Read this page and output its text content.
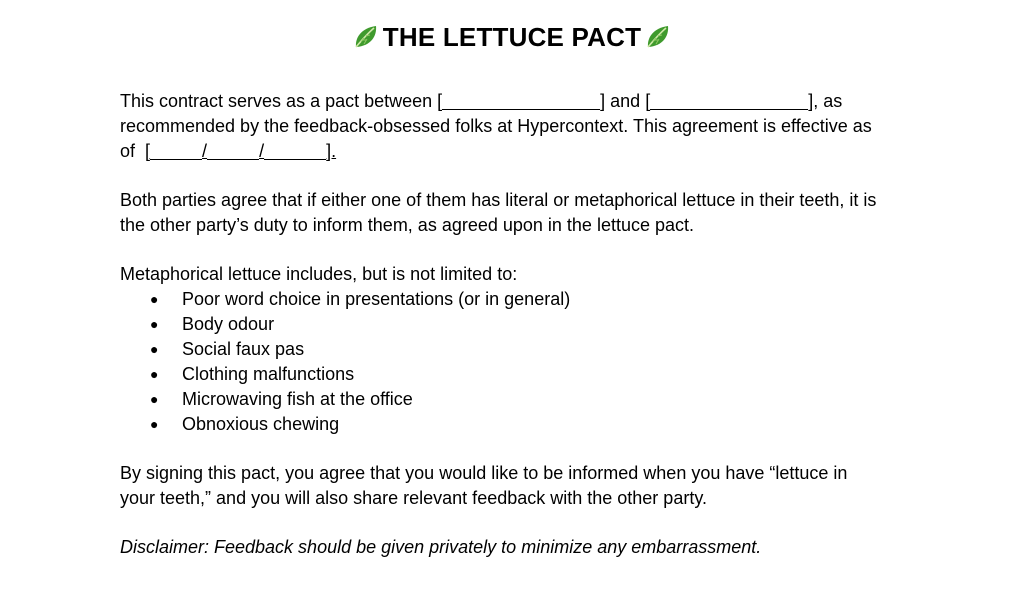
THE LETTUCE PACT

This contract serves as a pact between [	] and [	], as
recommended by the feedback-obsessed folks at Hypercontext. This agreement is effective as
of [	/	/	].

Both parties agree that if either one of them has literal or metaphorical lettuce in their teeth, it is
the other party’s duty to inform them, as agreed upon in the lettuce pact.

Metaphorical lettuce includes, but is not limited to:

● Poor word choice in presentations (or in general)
● Body odour
● Social faux pas
● Clothing malfunctions
● Microwaving fish at the office
● Obnoxious chewing

By signing this pact, you agree that you would like to be informed when you have “lettuce in
your teeth,” and you will also share relevant feedback with the other party.

Disclaimer: Feedback should be given privately to minimize any embarrassment.
